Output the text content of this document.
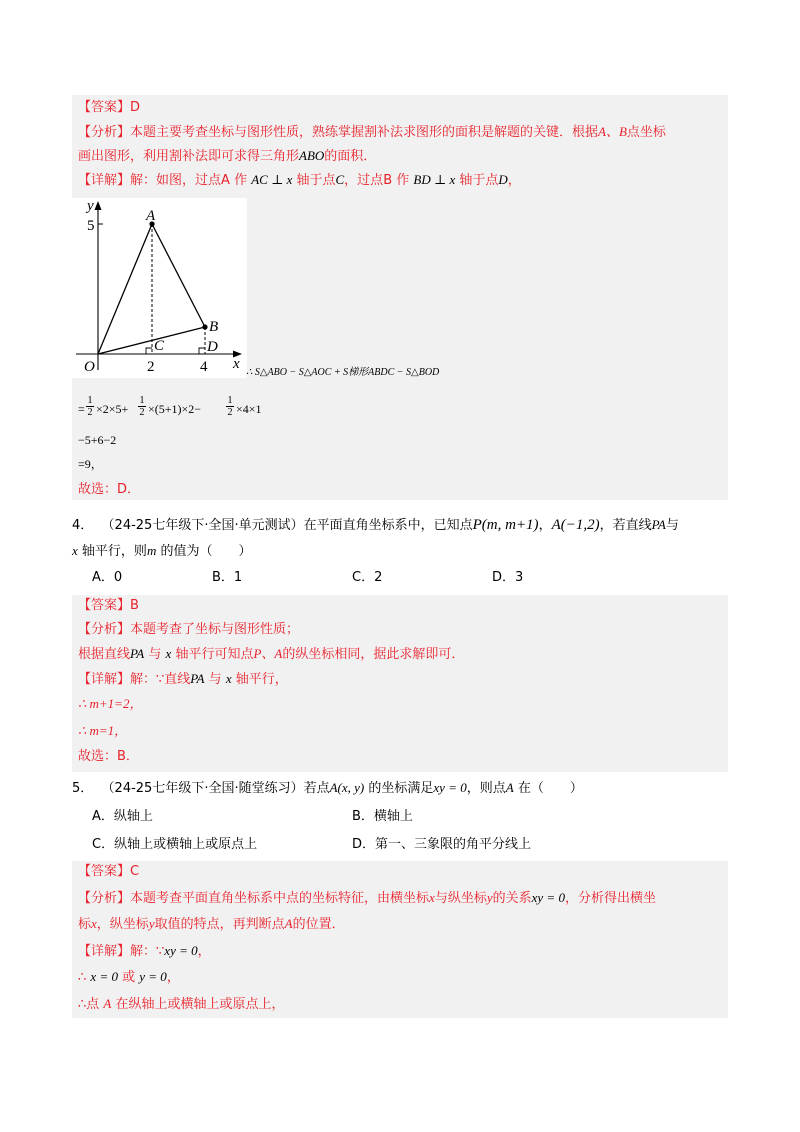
【答案】D
【分析】本题主要考查坐标与图形性质，熟练掌握割补法求图形的面积是解题的关键．根据A、B点坐标
画出图形，利用割补法即可求得三角形ABO的面积．
【详解】解：如图，过点A 作 AC ⊥ x 轴于点C，过点B 作 BD ⊥ x 轴于点D，
y
5
A
B
C	D
O	2	4 x
∴ S△ABO − S△AOC + S梯形ABDC − S△BOD
= $\frac{1}{2} \times 2\times 5+ \frac{1}{2} \times(5+1)\times 2- \frac{1}{2} \times 4\times 1$
−5+6−2
=9，
故选：D．
4． （24-25七年级下·全国·单元测试）在平面直角坐标系中，已知点P(m, m+1)，A(−1,2)，若直线PA与
x 轴平行，则m 的值为（　　）
A．0	B．1	C．2	D．3
【答案】B
【分析】本题考查了坐标与图形性质；
根据直线PA 与 x 轴平行可知点P、A的纵坐标相同，据此求解即可．
【详解】解：∵直线PA 与 x 轴平行，
∴ m+1=2，
∴ m=1，
故选：B．
5． （24-25七年级下·全国·随堂练习）若点A(x, y) 的坐标满足xy = 0，则点A 在（　　）
A．纵轴上	B．横轴上
C．纵轴上或横轴上或原点上	D．第一、三象限的角平分线上
【答案】C
【分析】本题考查平面直角坐标系中点的坐标特征，由横坐标x与纵坐标y的关系xy = 0，分析得出横坐
标x，纵坐标y取值的特点，再判断点A的位置．
【详解】解：∵xy = 0，
∴ x = 0 或 y = 0，
∴点 A 在纵轴上或横轴上或原点上，
